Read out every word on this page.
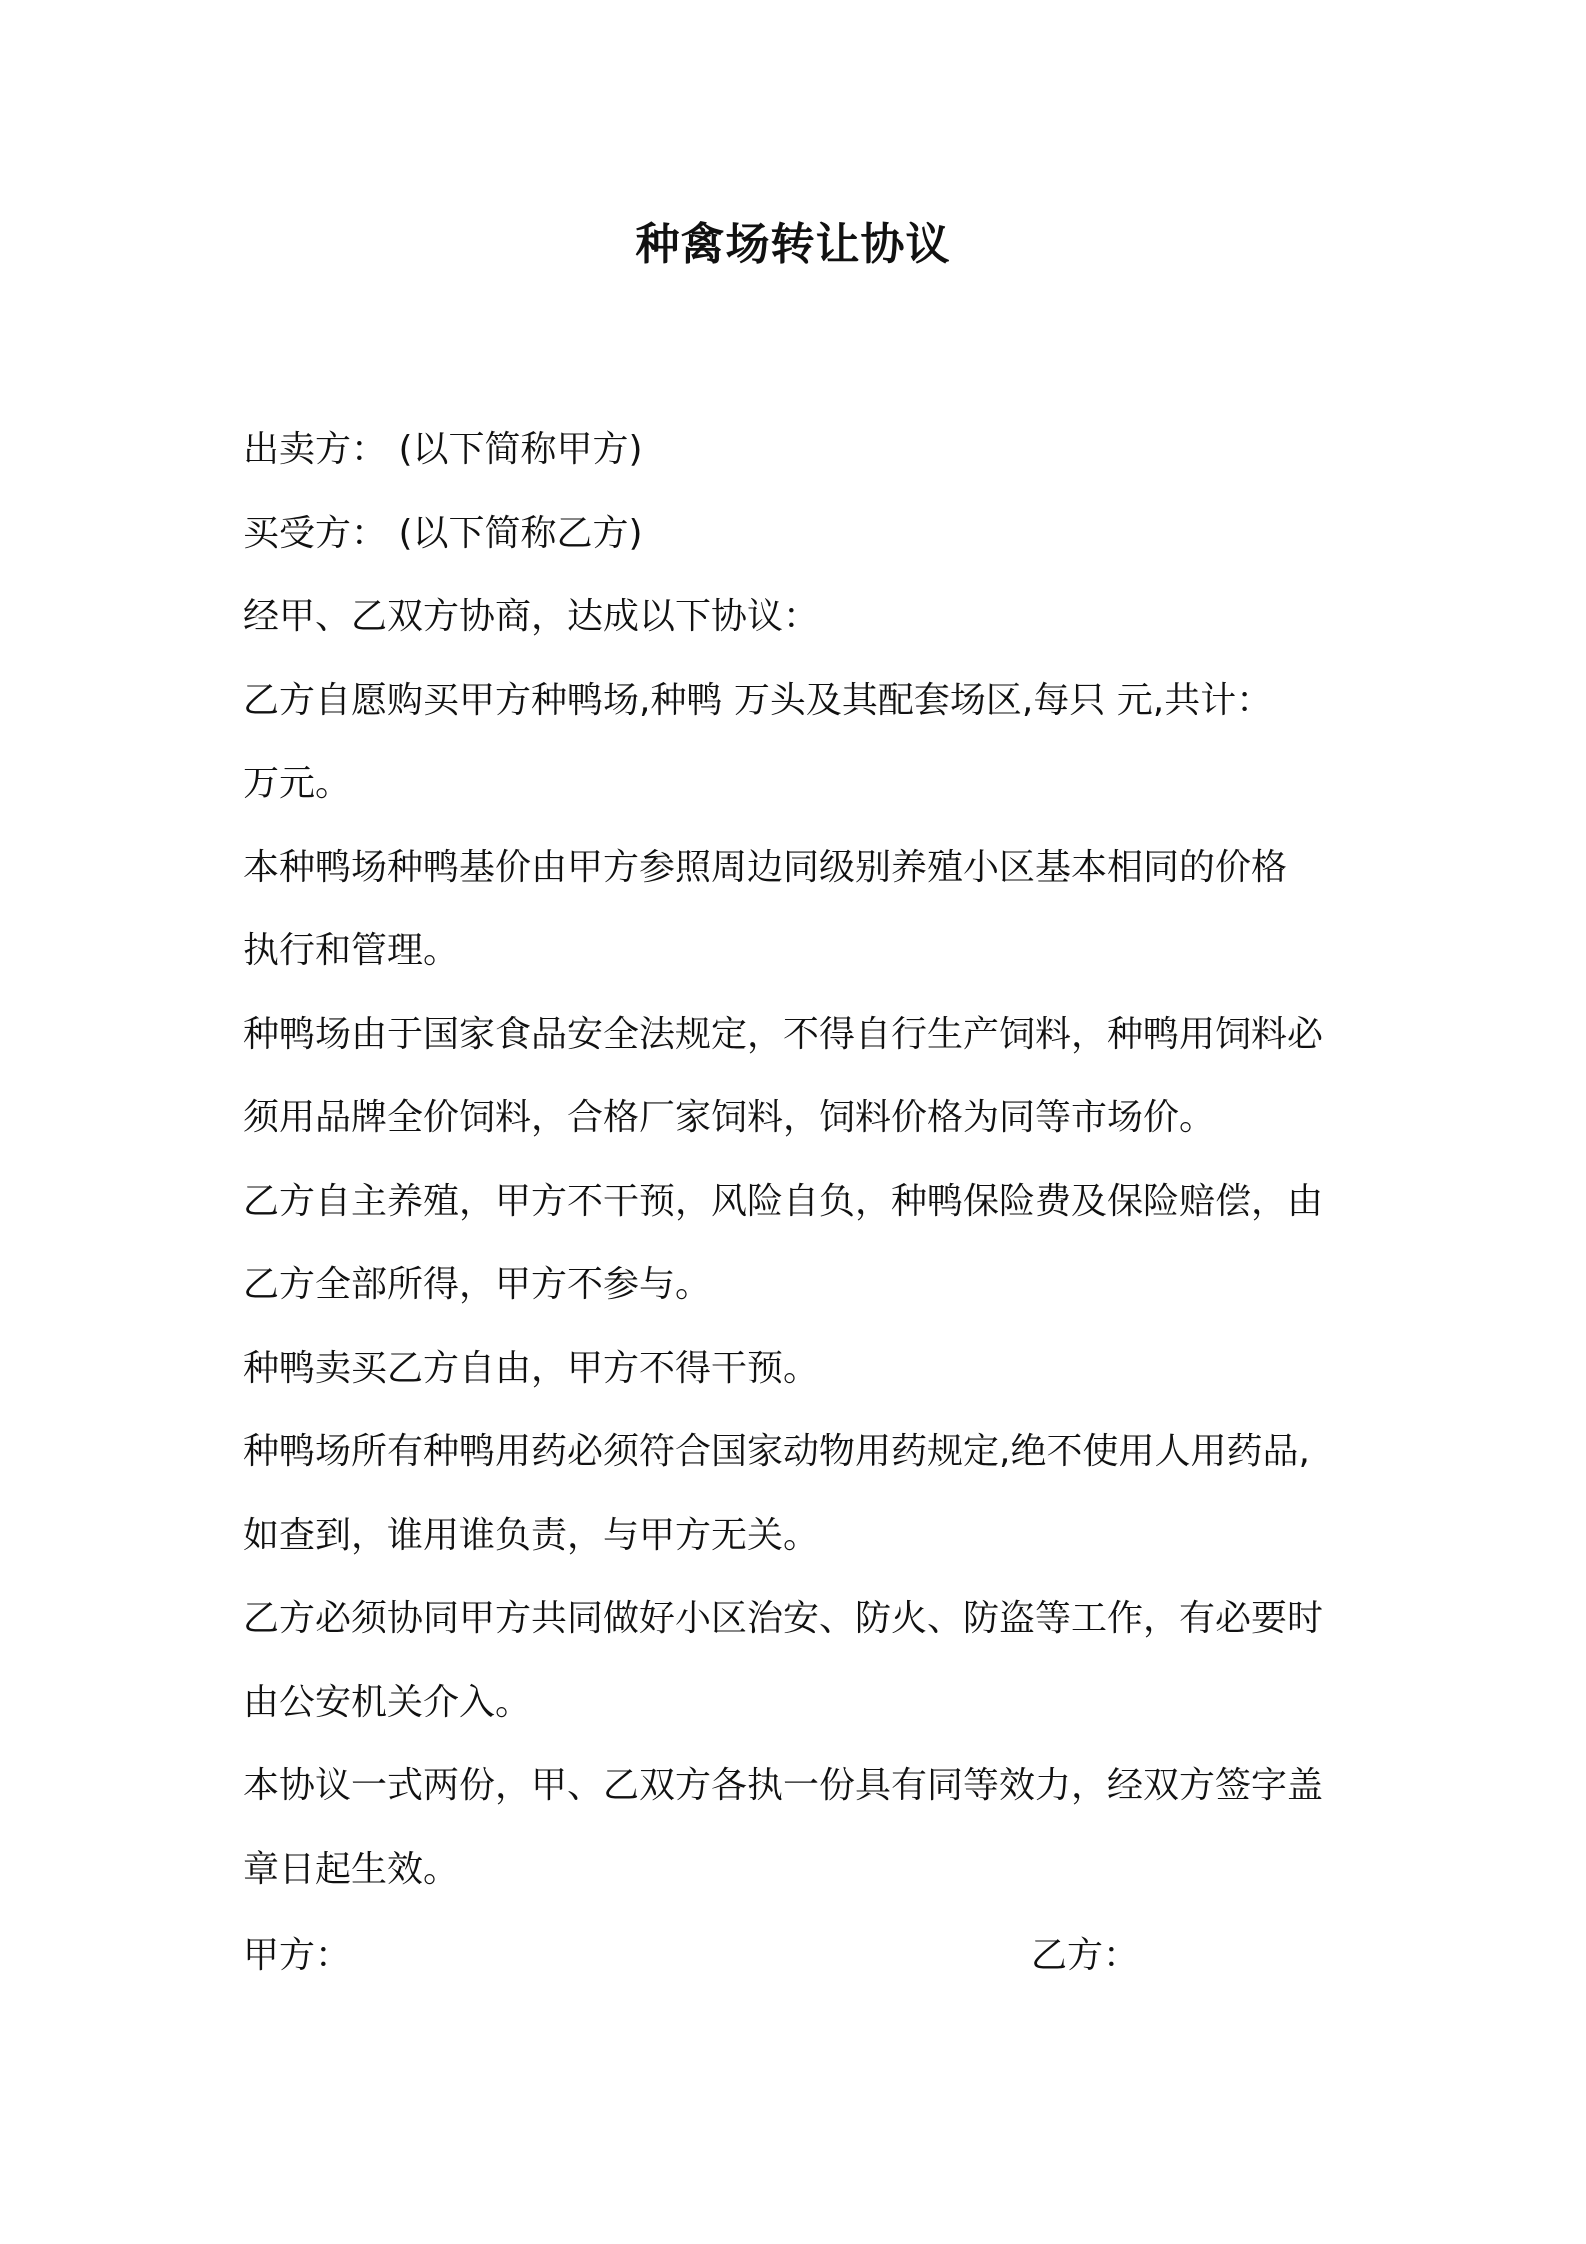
种禽场转让协议

出卖方： (以下简称甲方)

买受方： (以下简称乙方)

经甲、乙双方协商，达成以下协议：

乙方自愿购买甲方种鸭场,种鸭 万头及其配套场区,每只 元,共计：

万元。

本种鸭场种鸭基价由甲方参照周边同级别养殖小区基本相同的价格

执行和管理。

种鸭场由于国家食品安全法规定，不得自行生产饲料，种鸭用饲料必

须用品牌全价饲料，合格厂家饲料，饲料价格为同等市场价。

乙方自主养殖，甲方不干预，风险自负，种鸭保险费及保险赔偿，由

乙方全部所得，甲方不参与。

种鸭卖买乙方自由，甲方不得干预。

种鸭场所有种鸭用药必须符合国家动物用药规定,绝不使用人用药品,

如查到，谁用谁负责，与甲方无关。

乙方必须协同甲方共同做好小区治安、防火、防盗等工作，有必要时

由公安机关介入。

本协议一式两份，甲、乙双方各执一份具有同等效力，经双方签字盖

章日起生效。

甲方：	乙方：
